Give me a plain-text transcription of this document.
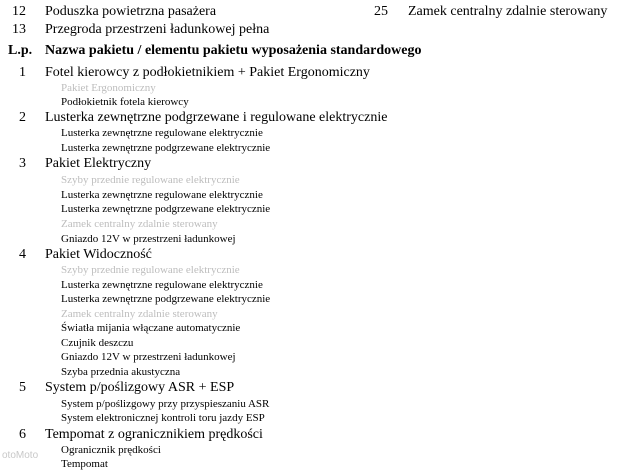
12 Poduszka powietrzna pasażera
13 Przegroda przestrzeni ładunkowej pełna
25 Zamek centralny zdalnie sterowany
L.p. Nazwa pakietu / elementu pakietu wyposażenia standardowego
1 Fotel kierowcy z podłokietnikiem + Pakiet Ergonomiczny
Pakiet Ergonomiczny
Podłokietnik fotela kierowcy
2 Lusterka zewnętrzne podgrzewane i regulowane elektrycznie
Lusterka zewnętrzne regulowane elektrycznie
Lusterka zewnętrzne podgrzewane elektrycznie
3 Pakiet Elektryczny
Szyby przednie regulowane elektrycznie
Lusterka zewnętrzne regulowane elektrycznie
Lusterka zewnętrzne podgrzewane elektrycznie
Zamek centralny zdalnie sterowany
Gniazdo 12V w przestrzeni ładunkowej
4 Pakiet Widoczność
Szyby przednie regulowane elektrycznie
Lusterka zewnętrzne regulowane elektrycznie
Lusterka zewnętrzne podgrzewane elektrycznie
Zamek centralny zdalnie sterowany
Światła mijania włączane automatycznie
Czujnik deszczu
Gniazdo 12V w przestrzeni ładunkowej
Szyba przednia akustyczna
5 System p/poślizgowy ASR + ESP
System p/poślizgowy przy przyspieszaniu ASR
System elektronicznej kontroli toru jazdy ESP
6 Tempomat z ogranicznikiem prędkości
Ogranicznik prędkości
Tempomat
otoMoto
